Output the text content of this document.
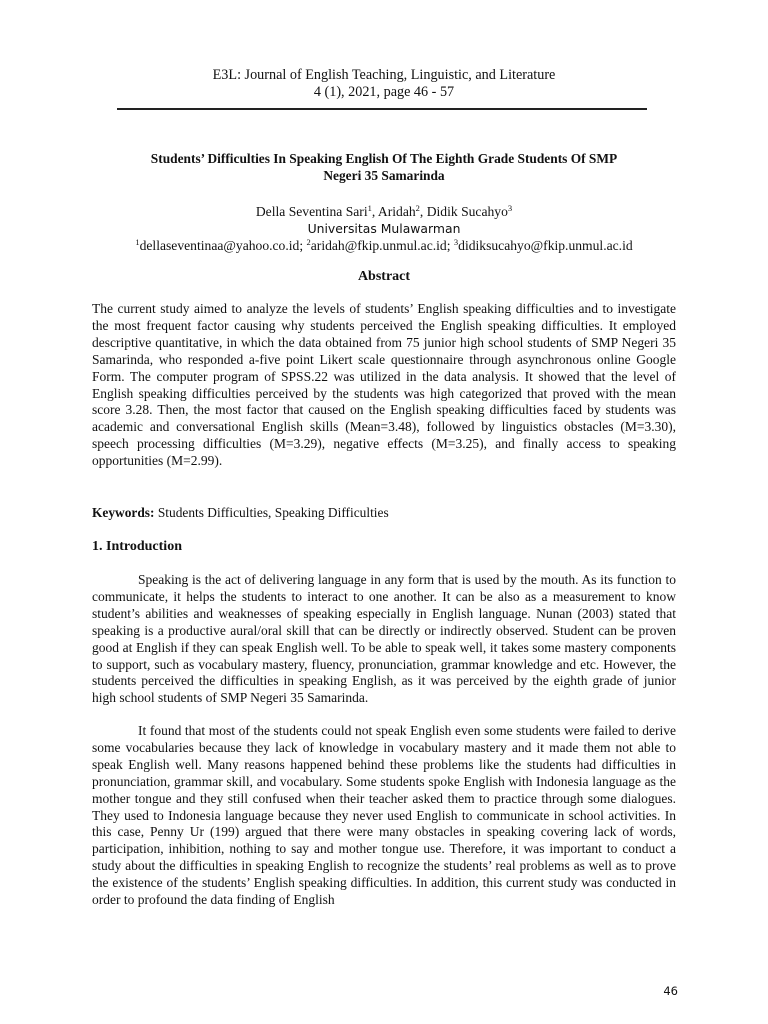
E3L: Journal of English Teaching, Linguistic, and Literature
4 (1), 2021, page 46 - 57
Students’ Difficulties In Speaking English Of The Eighth Grade Students Of SMP
Negeri 35 Samarinda
Della Seventina Sari$^1$, Aridah$^2$, Didik Sucahyo$^3$
Universitas Mulawarman
$^1$dellaseventinaa@yahoo.co.id; $^2$aridah@fkip.unmul.ac.id; $^3$didiksucahyo@fkip.unmul.ac.id
Abstract
The current study aimed to analyze the levels of students’ English speaking difficulties and to investigate the most frequent factor causing why students perceived the English speaking difficulties. It employed descriptive quantitative, in which the data obtained from 75 junior high school students of SMP Negeri 35 Samarinda, who responded a-five point Likert scale questionnaire through asynchronous online Google Form. The computer program of SPSS.22 was utilized in the data analysis. It showed that the level of English speaking difficulties perceived by the students was high categorized that proved with the mean score 3.28. Then, the most factor that caused on the English speaking difficulties faced by students was academic and conversational English skills (Mean=3.48), followed by linguistics obstacles (M=3.30), speech processing difficulties (M=3.29), negative effects (M=3.25), and finally access to speaking opportunities (M=2.99).
Keywords: Students Difficulties, Speaking Difficulties
1. Introduction
Speaking is the act of delivering language in any form that is used by the mouth. As its function to communicate, it helps the students to interact to one another. It can be also as a measurement to know student’s abilities and weaknesses of speaking especially in English language. Nunan (2003) stated that speaking is a productive aural/oral skill that can be directly or indirectly observed. Student can be proven good at English if they can speak English well. To be able to speak well, it takes some mastery components to support, such as vocabulary mastery, fluency, pronunciation, grammar knowledge and etc. However, the students perceived the difficulties in speaking English, as it was perceived by the eighth grade of junior high school students of SMP Negeri 35 Samarinda.
It found that most of the students could not speak English even some students were failed to derive some vocabularies because they lack of knowledge in vocabulary mastery and it made them not able to speak English well. Many reasons happened behind these problems like the students had difficulties in pronunciation, grammar skill, and vocabulary. Some students spoke English with Indonesia language as the mother tongue and they still confused when their teacher asked them to practice through some dialogues. They used to Indonesia language because they never used English to communicate in school activities. In this case, Penny Ur (199) argued that there were many obstacles in speaking covering lack of words, participation, inhibition, nothing to say and mother tongue use. Therefore, it was important to conduct a study about the difficulties in speaking English to recognize the students’ real problems as well as to prove the existence of the students’ English speaking difficulties. In addition, this current study was conducted in order to profound the data finding of English
46
